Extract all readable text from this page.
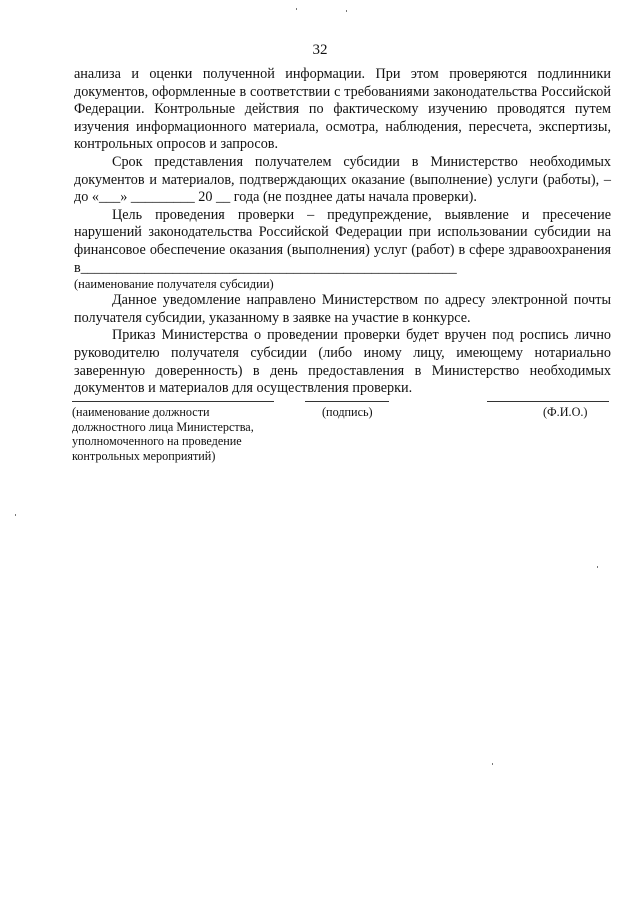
32

анализа и оценки полученной информации. При этом проверяются подлинники документов, оформленные в соответствии с требованиями законодательства Российской Федерации. Контрольные действия по фактическому изучению проводятся путем изучения информационного материала, осмотра, наблюдения, пересчета, экспертизы, контрольных опросов и запросов.

Срок представления получателем субсидии в Министерство необходимых документов и материалов, подтверждающих оказание (выполнение) услуги (работы), – до «___» _________ 20 __ года (не позднее даты начала проверки).

Цель проведения проверки – предупреждение, выявление и пресечение нарушений законодательства Российской Федерации при использовании субсидии на финансовое обеспечение оказания (выполнения) услуг (работ) в сфере здравоохранения в_____________________________________________________

(наименование получателя субсидии)

Данное уведомление направлено Министерством по адресу электронной почты получателя субсидии, указанному в заявке на участие в конкурсе.

Приказ Министерства о проведении проверки будет вручен под роспись лично руководителю получателя субсидии (либо иному лицу, имеющему нотариально заверенную доверенность) в день предоставления в Министерство необходимых документов и материалов для осуществления проверки.

(наименование должности должностного лица Министерства, уполномоченного на проведение контрольных мероприятий)
(подпись)	(Ф.И.О.)
